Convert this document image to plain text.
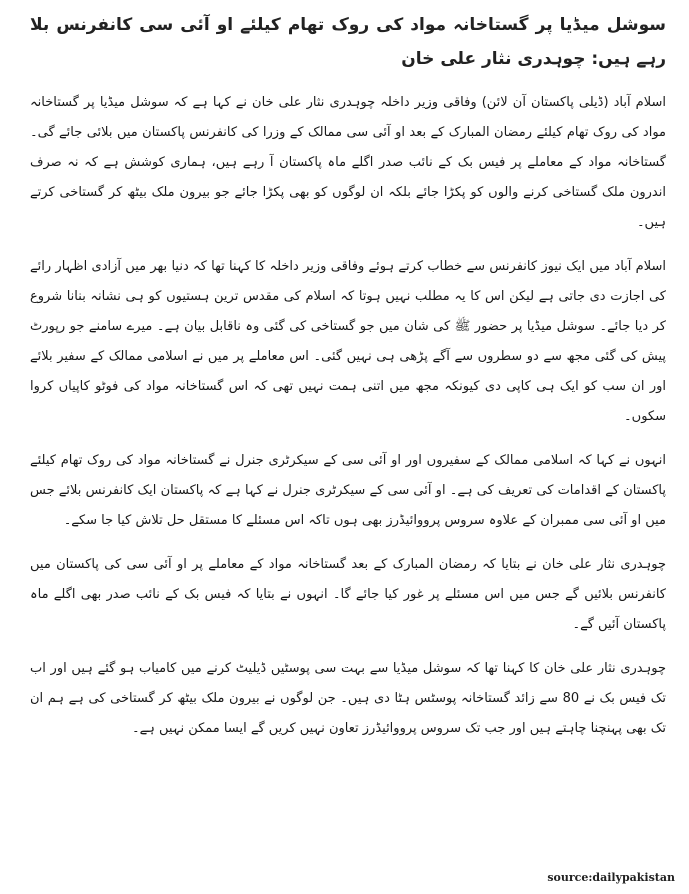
سوشل میڈیا پر گستاخانہ مواد کی روک تھام کیلئے او آئی سی کانفرنس بلا رہے ہیں: چوہدری نثار علی خان

اسلام آباد (ڈیلی پاکستان آن لائن) وفاقی وزیر داخلہ چوہدری نثار علی خان نے کہا ہے کہ سوشل میڈیا پر گستاخانہ مواد کی روک تھام کیلئے رمضان المبارک کے بعد او آئی سی ممالک کے وزرا کی کانفرنس پاکستان میں بلائی جائے گی۔ گستاخانہ مواد کے معاملے پر فیس بک کے نائب صدر اگلے ماہ پاکستان آ رہے ہیں، ہماری کوشش ہے کہ نہ صرف اندرون ملک گستاخی کرنے والوں کو پکڑا جائے بلکہ ان لوگوں کو بھی پکڑا جائے جو بیرون ملک بیٹھ کر گستاخی کرتے ہیں۔

اسلام آباد میں ایک نیوز کانفرنس سے خطاب کرتے ہوئے وفاقی وزیر داخلہ کا کہنا تھا کہ دنیا بھر میں آزادی اظہار رائے کی اجازت دی جاتی ہے لیکن اس کا یہ مطلب نہیں ہوتا کہ اسلام کی مقدس ترین ہستیوں کو ہی نشانہ بنانا شروع کر دیا جائے۔ سوشل میڈیا پر حضور ﷺ کی شان میں جو گستاخی کی گئی وہ ناقابل بیان ہے۔ میرے سامنے جو رپورٹ پیش کی گئی مجھ سے دو سطروں سے آگے پڑھی ہی نہیں گئی۔ اس معاملے پر میں نے اسلامی ممالک کے سفیر بلائے اور ان سب کو ایک ہی کاپی دی کیونکہ مجھ میں اتنی ہمت نہیں تھی کہ اس گستاخانہ مواد کی فوٹو کاپیاں کروا سکوں۔

انہوں نے کہا کہ اسلامی ممالک کے سفیروں اور او آئی سی کے سیکرٹری جنرل نے گستاخانہ مواد کی روک تھام کیلئے پاکستان کے اقدامات کی تعریف کی ہے۔ او آئی سی کے سیکرٹری جنرل نے کہا ہے کہ پاکستان ایک کانفرنس بلائے جس میں او آئی سی ممبران کے علاوہ سروس پرووائیڈرز بھی ہوں تاکہ اس مسئلے کا مستقل حل تلاش کیا جا سکے۔

چوہدری نثار علی خان نے بتایا کہ رمضان المبارک کے بعد گستاخانہ مواد کے معاملے پر او آئی سی کی پاکستان میں کانفرنس بلائیں گے جس میں اس مسئلے پر غور کیا جائے گا۔ انہوں نے بتایا کہ فیس بک کے نائب صدر بھی اگلے ماہ پاکستان آئیں گے۔

چوہدری نثار علی خان کا کہنا تھا کہ سوشل میڈیا سے بہت سی پوسٹیں ڈیلیٹ کرنے میں کامیاب ہو گئے ہیں اور اب تک فیس بک نے 80 سے زائد گستاخانہ پوسٹس ہٹا دی ہیں۔ جن لوگوں نے بیرون ملک بیٹھ کر گستاخی کی ہے ہم ان تک بھی پہنچنا چاہتے ہیں اور جب تک سروس پرووائیڈرز تعاون نہیں کریں گے ایسا ممکن نہیں ہے۔

source:dailypakistan
